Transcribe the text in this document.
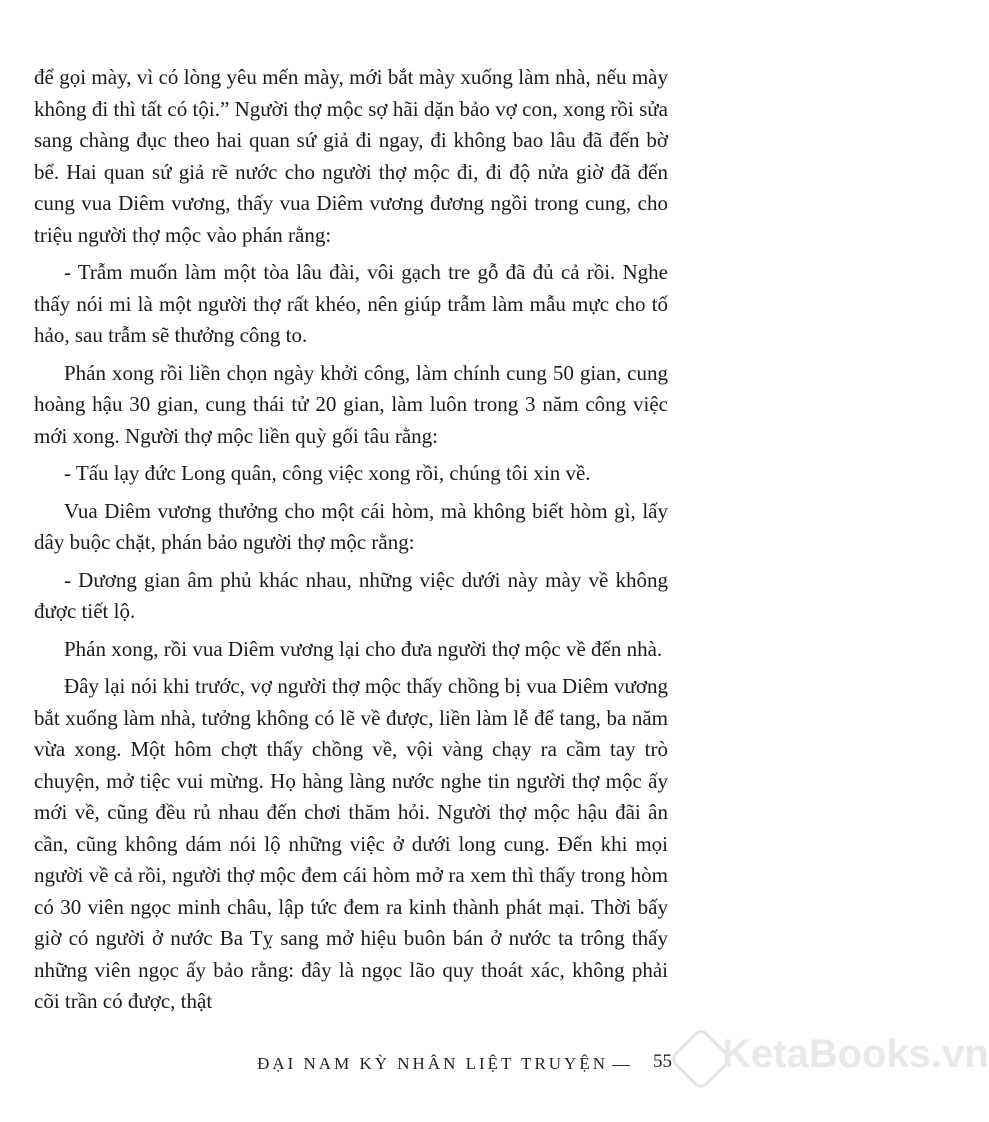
để gọi mày, vì có lòng yêu mến mày, mới bắt mày xuống làm nhà, nếu mày không đi thì tất có tội.” Người thợ mộc sợ hãi dặn bảo vợ con, xong rồi sửa sang chàng đục theo hai quan sứ giả đi ngay, đi không bao lâu đã đến bờ bể. Hai quan sứ giả rẽ nước cho người thợ mộc đi, đi độ nửa giờ đã đến cung vua Diêm vương, thấy vua Diêm vương đương ngồi trong cung, cho triệu người thợ mộc vào phán rằng:

- Trẫm muốn làm một tòa lâu đài, vôi gạch tre gỗ đã đủ cả rồi. Nghe thấy nói mi là một người thợ rất khéo, nên giúp trẫm làm mẫu mực cho tố hảo, sau trẫm sẽ thưởng công to.

Phán xong rồi liền chọn ngày khởi công, làm chính cung 50 gian, cung hoàng hậu 30 gian, cung thái tử 20 gian, làm luôn trong 3 năm công việc mới xong. Người thợ mộc liền quỳ gối tâu rằng:

- Tấu lạy đức Long quân, công việc xong rồi, chúng tôi xin về.

Vua Diêm vương thưởng cho một cái hòm, mà không biết hòm gì, lấy dây buộc chặt, phán bảo người thợ mộc rằng:

- Dương gian âm phủ khác nhau, những việc dưới này mày về không được tiết lộ.

Phán xong, rồi vua Diêm vương lại cho đưa người thợ mộc về đến nhà.

Đây lại nói khi trước, vợ người thợ mộc thấy chồng bị vua Diêm vương bắt xuống làm nhà, tưởng không có lẽ về được, liền làm lễ để tang, ba năm vừa xong. Một hôm chợt thấy chồng về, vội vàng chạy ra cầm tay trò chuyện, mở tiệc vui mừng. Họ hàng làng nước nghe tin người thợ mộc ấy mới về, cũng đều rủ nhau đến chơi thăm hỏi. Người thợ mộc hậu đãi ân cần, cũng không dám nói lộ những việc ở dưới long cung. Đến khi mọi người về cả rồi, người thợ mộc đem cái hòm mở ra xem thì thấy trong hòm có 30 viên ngọc minh châu, lập tức đem ra kinh thành phát mại. Thời bấy giờ có người ở nước Ba Tỵ sang mở hiệu buôn bán ở nước ta trông thấy những viên ngọc ấy bảo rằng: đây là ngọc lão quy thoát xác, không phải cõi trần có được, thật

KetaBooks.vn
ĐẠI NAM KỲ NHÂN LIỆT TRUYỆN 55
